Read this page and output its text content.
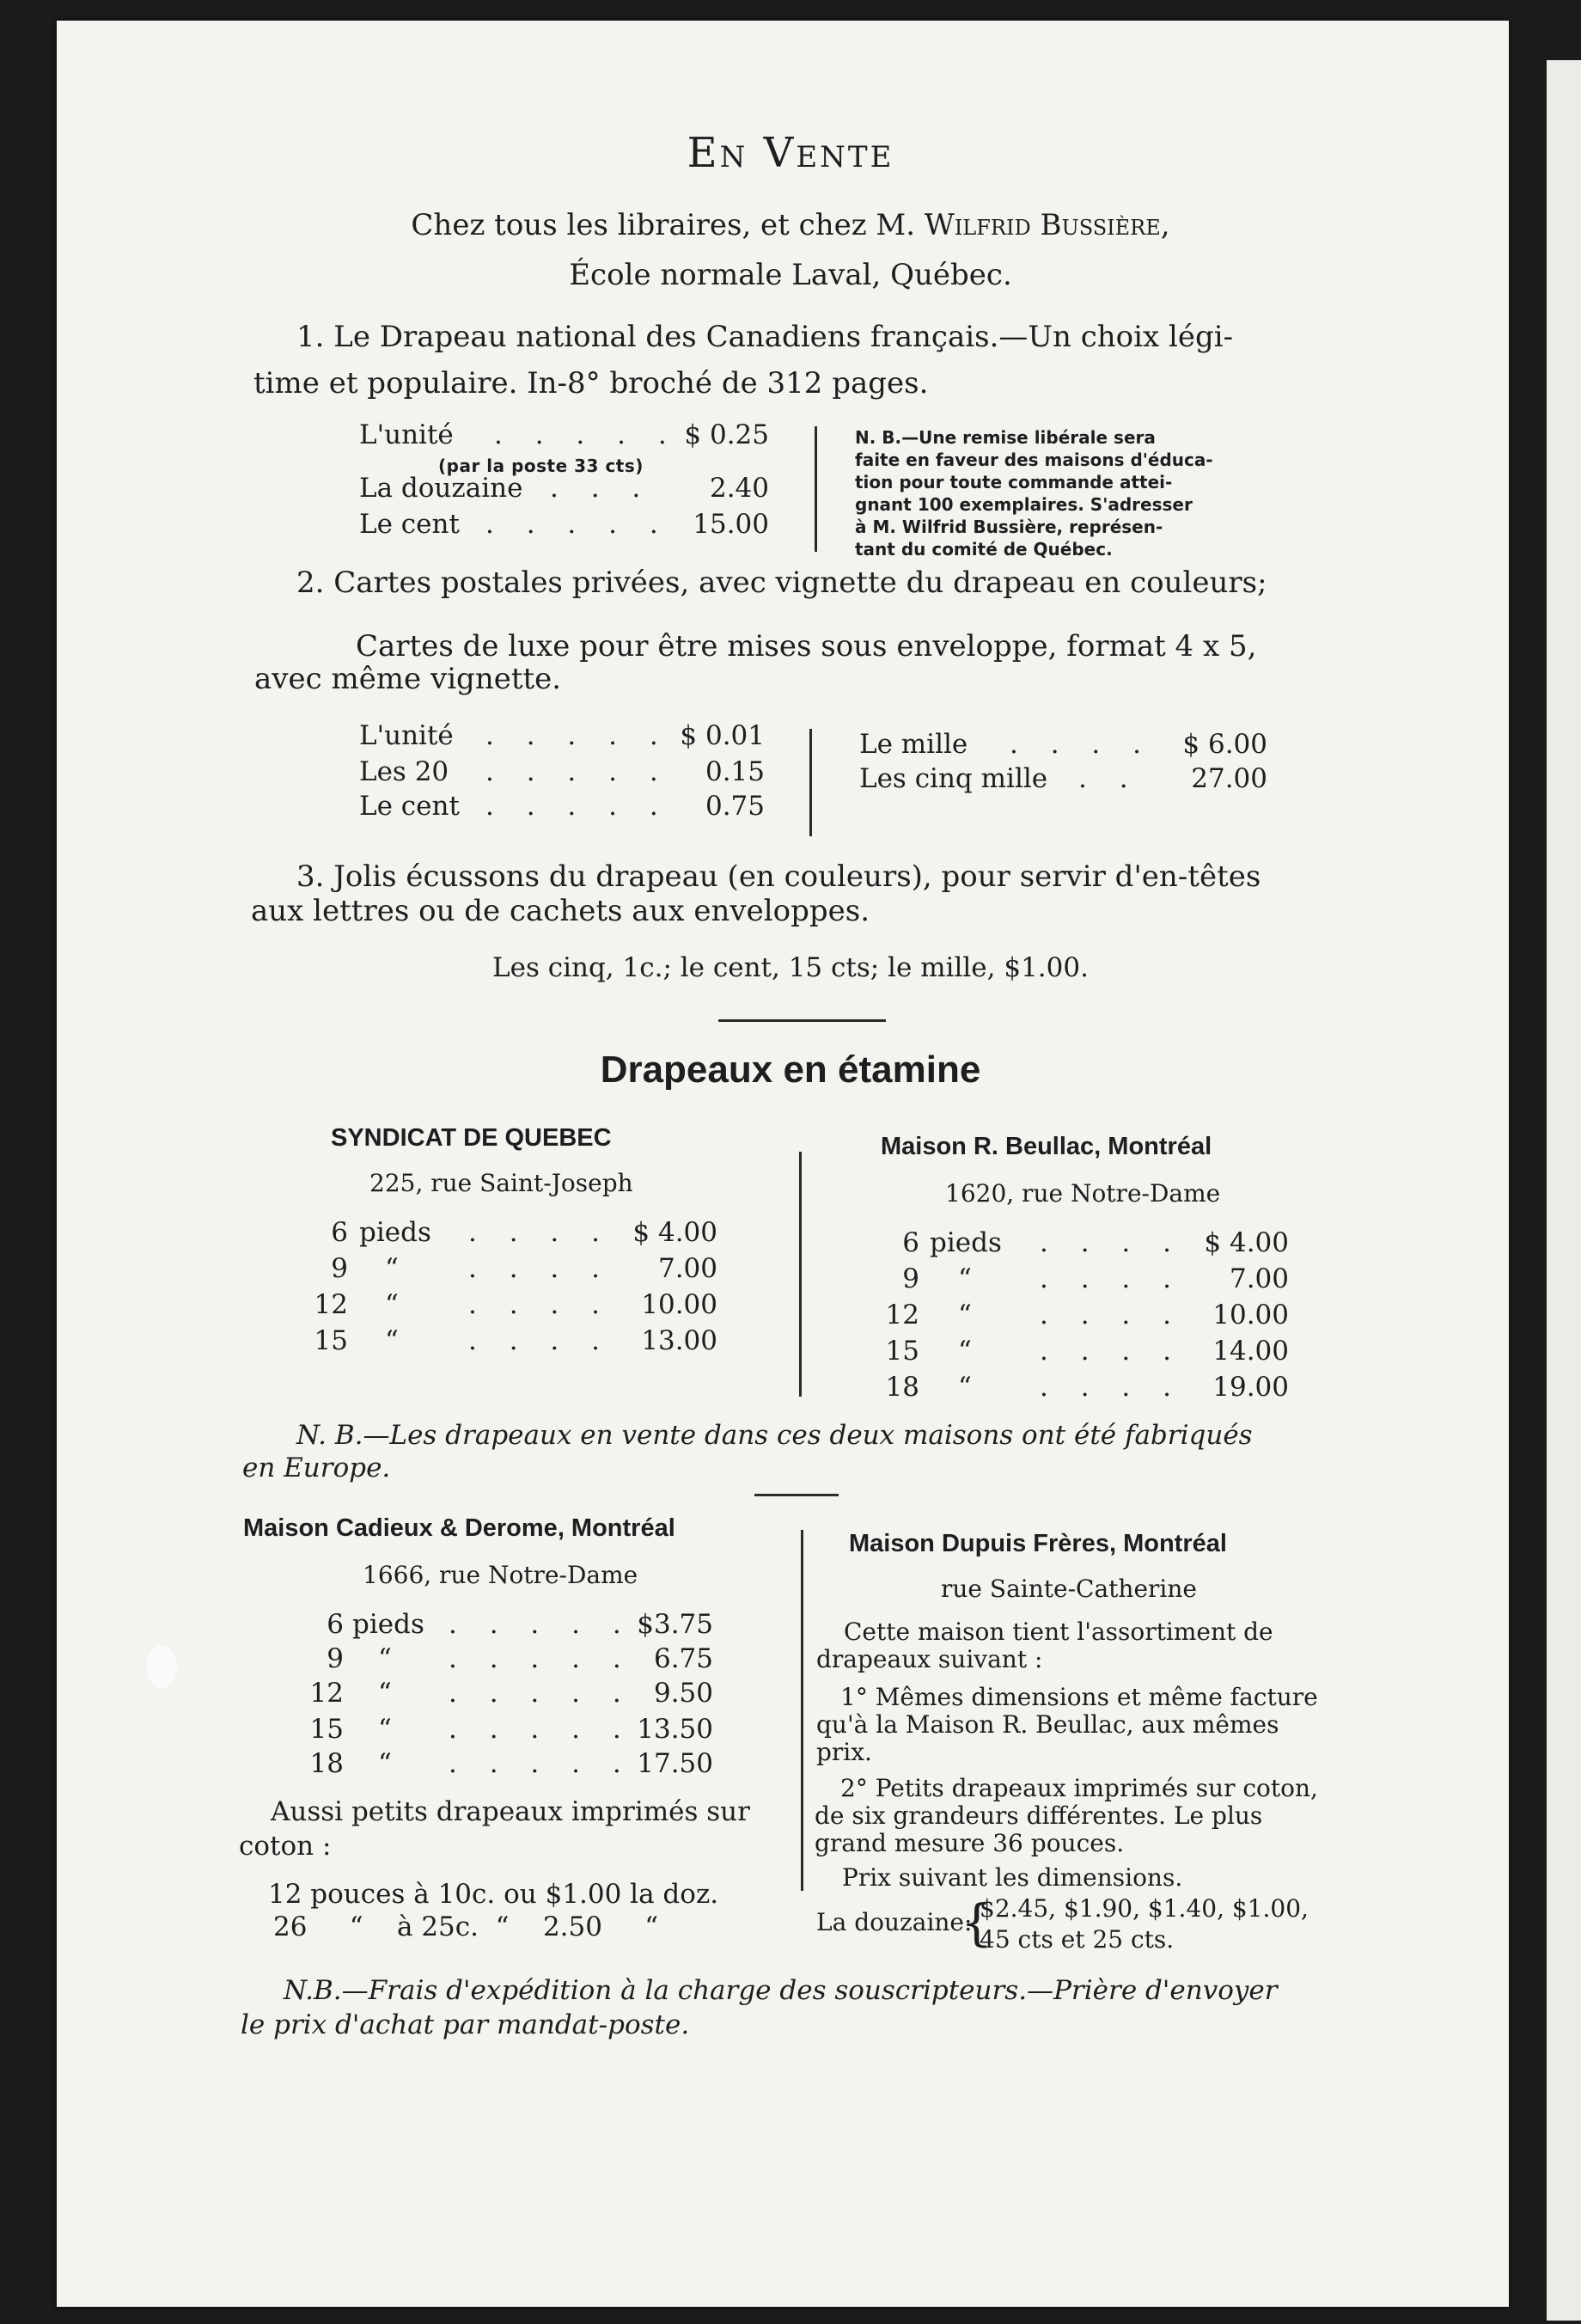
En Vente
Chez tous les libraires, et chez M. Wilfrid Bussière,
École normale Laval, Québec.
1. Le Drapeau national des Canadiens français.—Un choix légi-
time et populaire. In-8° broché de 312 pages.
L'unité . . . . . $ 0.25
(par la poste 33 cts)
La douzaine . . .	2.40
Le cent . . . . . 15.00
N. B.—Une remise libérale sera
faite en faveur des maisons d'éduca-
tion pour toute commande attei-
gnant 100 exemplaires. S'adresser
à M. Wilfrid Bussière, représen-
tant du comité de Québec.
2. Cartes postales privées, avec vignette du drapeau en couleurs;
Cartes de luxe pour être mises sous enveloppe, format 4 x 5,
avec même vignette.
L'unité . . . . . $ 0.01
Les 20 . . . . .	0.15
Le cent . . . . .	0.75
Le mille . . . .	$ 6.00
Les cinq mille . .	27.00
3. Jolis écussons du drapeau (en couleurs), pour servir d'en-têtes
aux lettres ou de cachets aux enveloppes.
Les cinq, 1c.; le cent, 15 cts; le mille, $1.00.
Drapeaux en étamine
SYNDICAT DE QUEBEC
225, rue Saint-Joseph
6 pieds . . . . $ 4.00
9 “	. . . .	7.00
12 “	. . . .	10.00
15 “	. . . .	13.00
Maison R. Beullac, Montréal
1620, rue Notre-Dame
6 pieds . . . . $ 4.00
9 “	. . . .	7.00
12 “	. . . .	10.00
15 “	. . . .	14.00
18 “	. . . .	19.00
N. B.—Les drapeaux en vente dans ces deux maisons ont été fabriqués
en Europe.
Maison Cadieux & Derome, Montréal
1666, rue Notre-Dame
6 pieds . . . . . $3.75
9 “ . . . . . 6.75
12 “ . . . . . 9.50
15 “ . . . . . 13.50
18 “ . . . . . 17.50
Aussi petits drapeaux imprimés sur
coton :
12 pouces à 10c. ou $1.00 la doz.
26     “    à 25c.  “    2.50     “
Maison Dupuis Frères, Montréal
rue Sainte-Catherine
Cette maison tient l'assortiment de
drapeaux suivant :
1° Mêmes dimensions et même facture
qu'à la Maison R. Beullac, aux mêmes
prix.
2° Petits drapeaux imprimés sur coton,
de six grandeurs différentes. Le plus
grand mesure 36 pouces.
Prix suivant les dimensions.
La douzaine:
{
$2.45, $1.90, $1.40, $1.00,
45 cts et 25 cts.
N.B.—Frais d'expédition à la charge des souscripteurs.—Prière d'envoyer
le prix d'achat par mandat-poste.
